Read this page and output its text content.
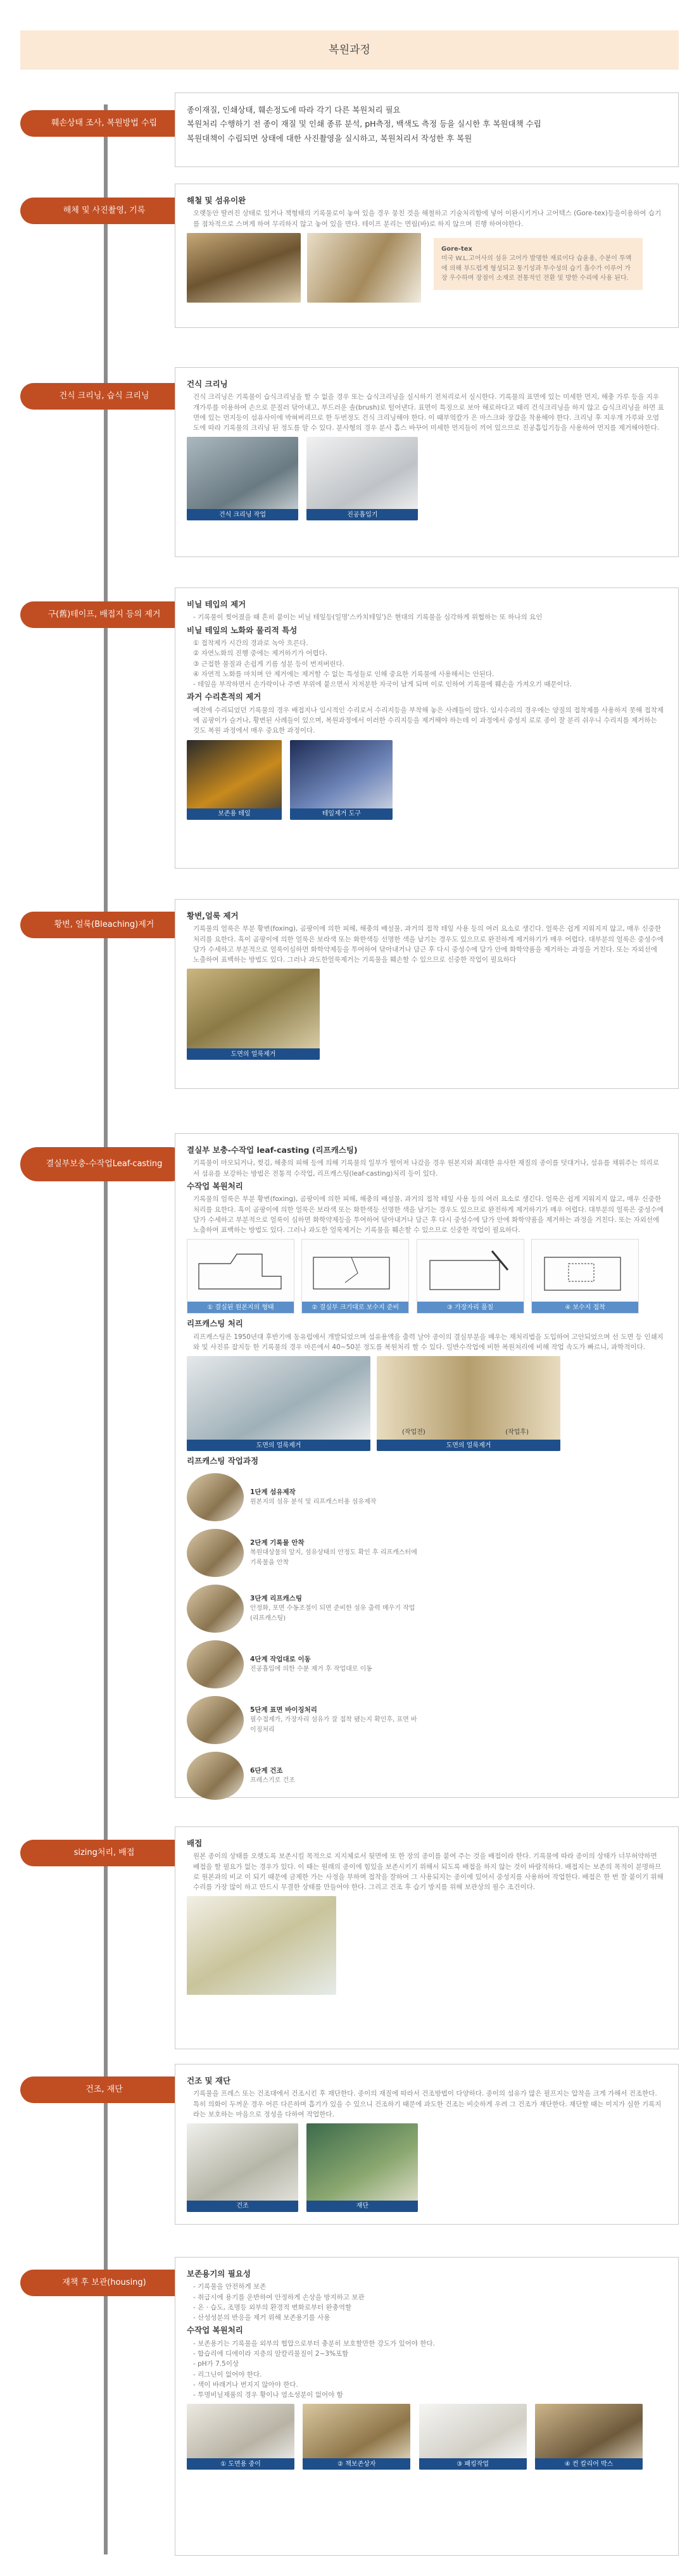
복원과정
훼손상태 조사, 복원방법 수립
종이재질, 인쇄상태, 훼손정도에 따라 각기 다른 복원처리 필요
복원처리 수행하기 전 종이 재질 및 인쇄 종류 분석, pH측정, 백색도 측정 등을 실시한 후 복원대책 수립
복원대책이 수립되면 상태에 대한 사진촬영을 실시하고, 복원처리서 작성한 후 복원
해체 및 사진촬영, 기록
해철 및 섬유이완
오랫동안 딸려진 상태로 있거나 책형태의 기록물로이 놓여 있을 경우 뭉친 것을 해철하고 기술처리함에 넣어 이완시키거나 고어텍스 (Gore-tex)등을이용하여 습기를 점차적으로 스며게 하여 무리하지 않고 놓여 있을 면다. 테이프 분리는 면림(바)로 하지 않으며 진행 하여야한다.
Gore-tex
미국 W.L.고어사의 섬유 고어가 발명한 재료이다 습윤용, 수분이 투액에 의해 부드럽게 형성되고 통기성과 투수성의 습기 흡수가 이루어 가장 우수하며 장점이 소재로 전통적인 전환 및 방한 수리에 사용 된다.
건식 크리닝, 습식 크리닝
건식 크리닝
건식 크리닝은 기록물이 습식크리닝을 할 수 없을 경우 또는 습식크리닝을 실시하기 전처리로서 실시한다. 기록물의 표면에 있는 미세한 먼지, 해충 가루 등을 지우개가루를 이용하여 손으로 문질러 닦아내고, 부드러운 솔(brush)로 털어낸다. 표면이 특징으로 보아 해로하다고 때리 건식크리닝을 하지 않고 습식크리닝을 하면 표면에 있는 먼지등이 섬유사이에 박혀버리므로 한 두번정도 건식 크리닝해야 한다. 이 때부엌칼가 은 마스크와 장갑을 착용해야 한다. 크리닝 후 지우개 가루와 오염도에 따라 기록물의 크리닝 된 정도를 알 수 있다. 분사형의 경우 분사 흡스 바꾸어 미세한 먼지들이 끼어 있으므로 진공흡입기등을 사용하여 먼지를 제거해야한다.
건식 크리닝 작업
	진공흡입기
구(舊)테이프, 배접지 등의 제거
비닐 테입의 제거
- 기록물이 찢어졌을 때 흔히 붙이는 비닐 테잎등(일명'스카치테잎')은 현대의 기록물을 심각하게 위협하는 또 하나의 요인
비닐 테잎의 노화와 물리적 특성
① 접착제가 시간의 경과로 녹아 흐른다.
② 자연노화의 진행 중에는 제거하기가 어렵다.
③ 근접한 물질과 손쉽게 기름 성분 등이 번져버린다.
④ 자연적 노화를 마치며 안 제거에는 제거할 수 없는 특성들로 인해 중요한 기록물에 사용해서는 안된다.
- 테잎을 부작하면서 손가락이나 주변 부위에 붙으면서 지저분한 자국이 남게 되며 이로 인하여 기록물에 훼손을 가져오기 때문이다.
과거 수리흔적의 제거
예전에 수리되었던 기록물의 경우 배접지나 임시적인 수리로서 수리지등을 부착해 놓은 사례들이 많다. 임시수리의 경우에는 양질의 접착제를 사용하지 못해 접착제에 곰팡이가 슬거나, 황변된 사례들이 있으며, 복원과정에서 이러한 수리지등을 제거해야 하는데 이 과정에서 중성지 로로 종이 잘 분리 쉬우니 수리지를 제거하는 것도 복원 과정에서 매우 중요한 과정이다.
보존용 테잎
	테잎제거 도구
황변, 얼룩(Bleaching)제거
황변,얼룩 제거
기록물의 얼룩은 부분 황변(foxing), 곰팡이에 의한 피해, 해충의 배설물, 과거의 접착 테잎 사용 등의 여러 요소로 생긴다. 얼룩은 쉽게 지워지지 않고, 매우 신중한 처리를 요한다. 흑이 곰팡이에 의한 얼룩은 보라색 또는 화한색등 선명한 색을 남기는 경우도 있으므로 완전하게 제거하기가 매우 어렵다. 대부분의 얼룩은 중성수에 담가 수세하고 부분적으로 얼룩이심하면 화학약제등을 투여하여 닦아내거나 담근 후 다시 중성수에 담가 안에 화학약품을 제거하는 과정을 거친다. 또는 자외선에 노출하여 표백하는 방법도 있다. 그러나 과도한얼룩제거는 기록물을 훼손할 수 있으므로 신중한 작업이 필요하다
도면의 얼룩제거
결실부보충-수작업Leaf-casting
결실부 보충-수작업 leaf-casting (리프캐스팅)
기록물이 마모되거나, 찢김, 해충의 피해 등에 의해 기록물의 일부가 떨어져 나갔을 경우 원본지와 최대한 유사한 재질의 종이를 덧대거나, 섬유를 채워주는 의리로서 섬유를 보강하는 방법은 전통적 수작업, 리프캐스팅(leaf-casting)처리 등이 있다.
수작업 복원처리
기록물의 얼룩은 부분 황변(foxing), 곰팡이에 의한 피해, 해충의 배설물, 과거의 접착 테잎 사용 등의 여러 요소로 생긴다. 얼룩은 쉽게 지워지지 않고, 매우 신중한 처리를 요한다. 흑이 곰팡이에 의한 얼룩은 보라색 또는 화한색등 선명한 색을 남기는 경우도 있으므로 완전하게 제거하기가 매우 어렵다. 대부분의 얼룩은 중성수에 담가 수세하고 부분적으로 얼룩이 심하면 화학약제등을 투여하여 닦아내거나 담근 후 다시 중성수에 담가 안에 화학약품을 제거하는 과정을 거친다. 또는 자외선에 노출하여 표백하는 방법도 있다. 그러나 과도한 얼룩제거는 기록물을 훼손할 수 있으므로 신중한 작업이 필요하다.
① 결실된 원본지의 형태
	② 결실부 크기대로 보수지 준비
	③ 가장자리 풀칠
	④ 보수지 접착
리프캐스팅 처리
리프캐스팅은 1950년대 후반기에 동유럽에서 개발되었으며 섬유용액을 출력 날아 종이의 결실부분을 메우는 재처리법을 도입하여 고안되었으며 선 도면 등 인쇄지와 및 사진류 잡지등 한 기록물의 경우 마른에서 40~50분 정도를 복원처리 할 수 있다. 일반수작업에 비한 복원처리에 비해 작업 속도가 빠르니, 과학적이다.
도면의 얼룩제거
(작업전)	(작업후)
도면의 얼룩제거
리프캐스팅 작업과정
1단계 섬유제작
원본지의 섬유 분석 및 리프캐스터용 섬유제작
2단계 기록물 안착
복원대상물의 앞지, 섬유상태의 안정도 확인 후 리프캐스터에 기록물을 안착
3단계 리프캐스팅
안정화, 포면 수동조절이 되면 준비한 섬유 출력 메우기 작업(리프캐스팅)
4단계 작업대로 이동
진공흡입에 의한 수분 제거 후 작업대로 이동
5단계 표면 바이징처리
필수접제가, 가장자리 섬유가 잘 접착 됐는지 확인후, 표면 바이징처리
6단계 건조
프레스기로 건조
sizing처리, 배접
배접
원본 종이의 상태를 오랫도록 보존시킬 목적으로 지지체로서 뒷면에 또 한 장의 종이를 붙여 주는 것을 배접이라 한다. 기록물에 따라 종이의 상태가 너무허약하면 배접을 할 필요가 없는 경우가 있다. 이 때는 원래의 종이에 힘있을 보존시키기 위해서 되도록 배접을 하지 않는 것이 바람직하다. 배접지는 보존의 목적이 분명하므로 원본과의 비교 이 되기 때문에 금제한 가는 사정을 부하며 접착을 잘하여 그 사용되지는 종이에 있어서 중성지를 사용하여 작업한다. 배접은 한 번 잘 붙이기 위해 수리를 가장 많이 하고 만드시 무결한 상태를 만들어야 한다. 그리고 건조 후 습기 방지를 위해 보관상의 필수 조건이다.
건조, 재단
건조 및 재단
기록물을 프레스 또는 건조대에서 건조시킨 후 재단한다. 종이의 재질에 따라서 건조방법이 다양하다. 종이의 섬유가 많은 필프지는 압착을 크게 가해서 건조한다. 특히 의화이 두꺼운 경우 어른 다른하며 흡기가 있을 수 있으니 건조하기 때문에 과도한 건조는 비슷하게 우려 그 건조가 재단한다. 재단할 때는 미지가 심한 기록지라는 보호하는 마음으로 정성을 다하여 작업한다.
건조
	재단
재책 후 보관(housing)
보존용기의 필요성
- 기록물을 안전하게 보존
- 취급시에 용기를 운반하여 안정하게 손상을 방지하고 보관
- 온 · 습도, 조명등 외부의 환경적 변화로부터 완충역할
- 산성성분의 반응을 제거 위해 보존용기를 사용
수작업 복원처리
- 보존용기는 기록물을 외부의 협압으로부터 충분히 보호할만한 강도가 있어야 한다.
- 합습리에 디에이라 지층의 알칼리물질이 2~3%포함
- pH가 7.5이상
- 리그닌이 없어야 한다.
- 색이 바래거나 번지지 않아야 한다.
- 투명비닐제품의 경우 황이나 염소성분이 없어야 함
① 도면용 중이
	② 책보존상자
	③ 패킹작업
	④ 컨 칼리어 박스
